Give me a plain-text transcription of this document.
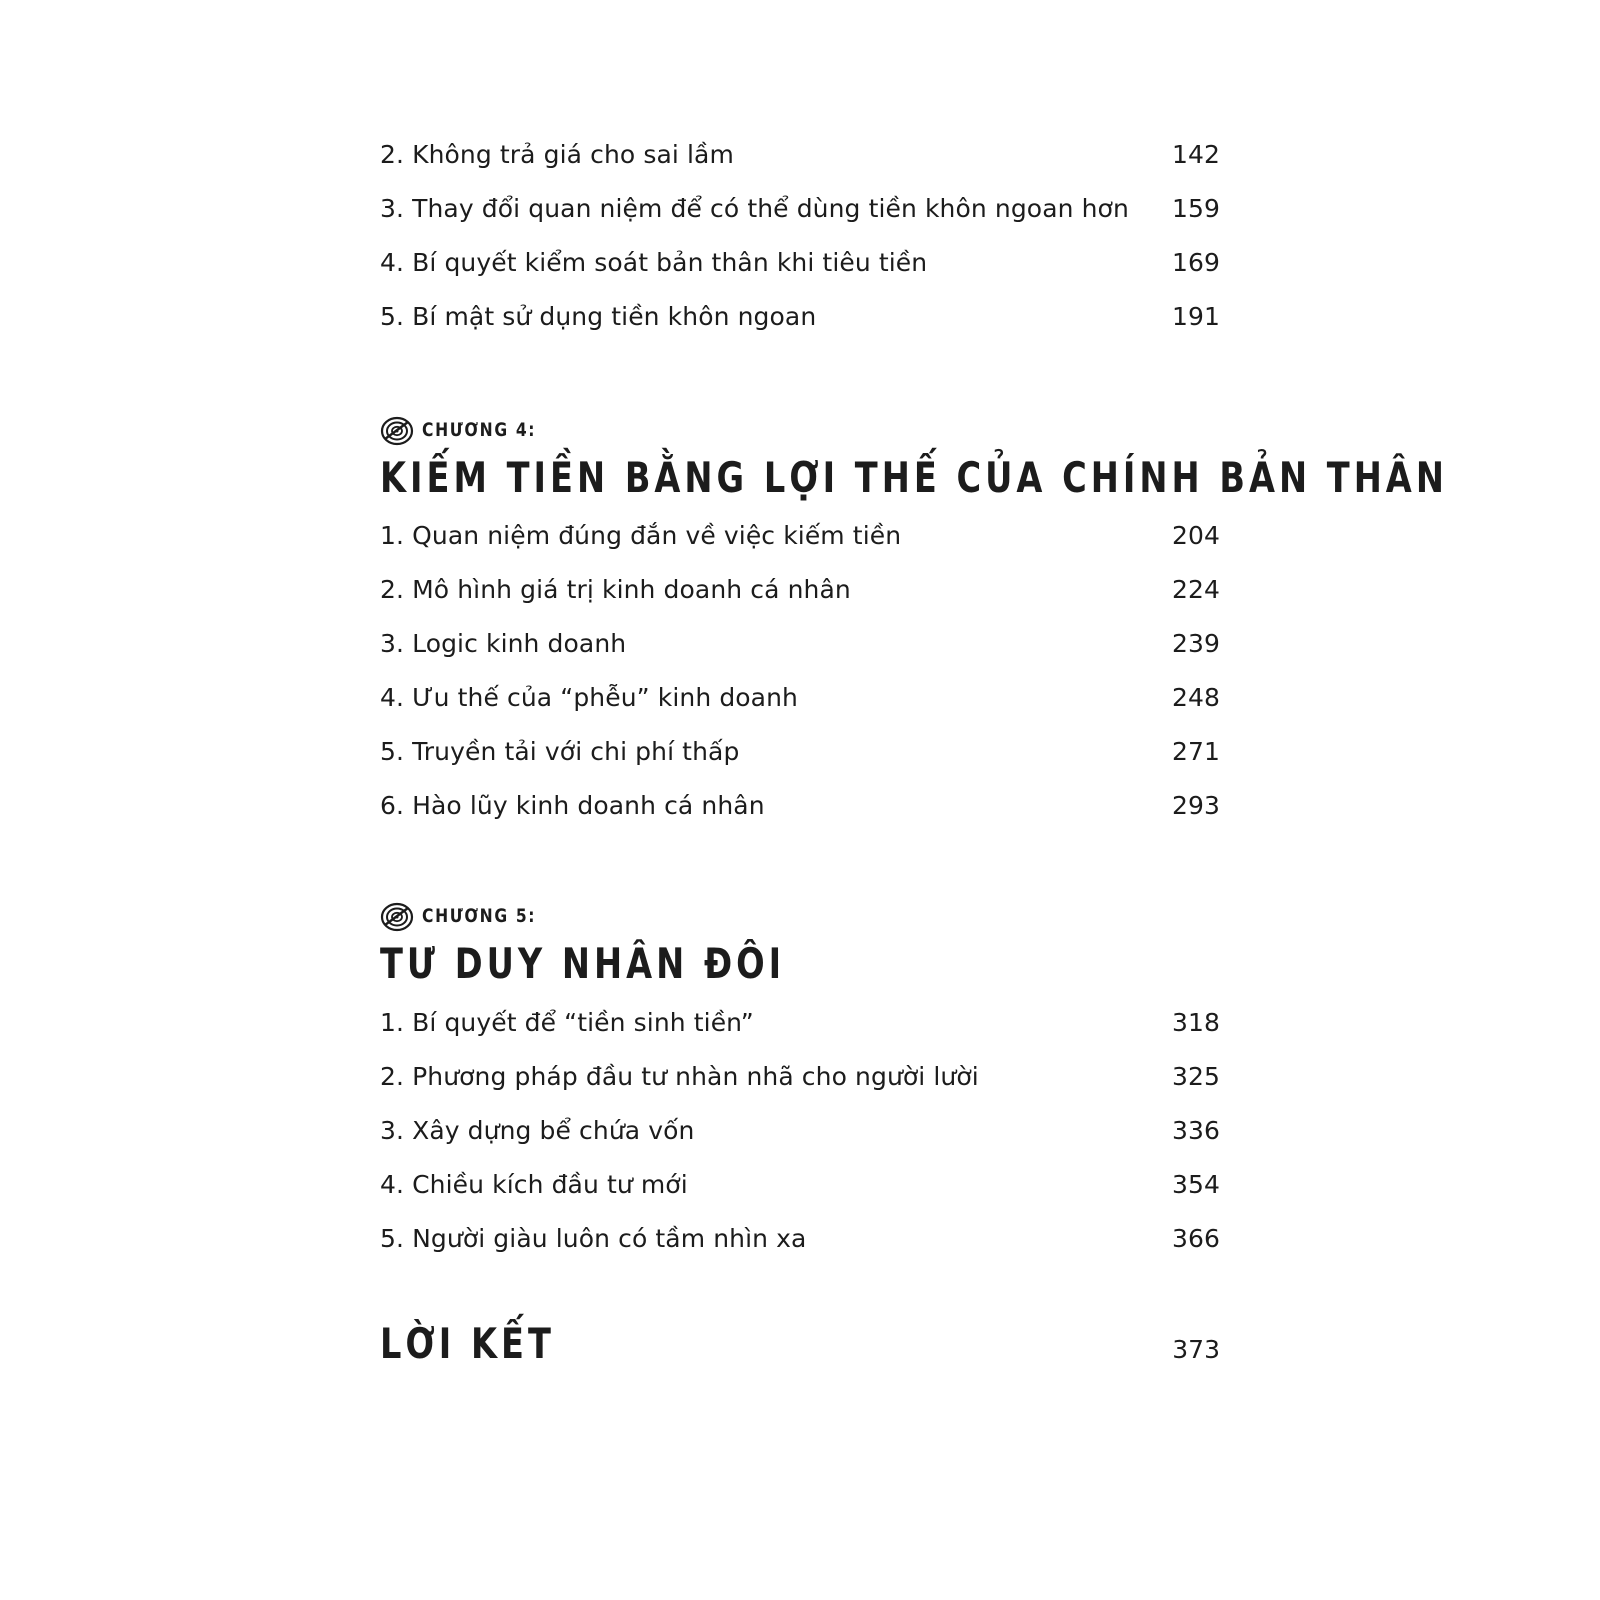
2. Không trả giá cho sai lầm	142
3. Thay đổi quan niệm để có thể dùng tiền khôn ngoan hơn 159
4. Bí quyết kiểm soát bản thân khi tiêu tiền	169
5. Bí mật sử dụng tiền khôn ngoan	191
CHƯƠNG 4:
KIẾM TIỀN BẰNG LỢI THẾ CỦA CHÍNH BẢN THÂN
1. Quan niệm đúng đắn về việc kiếm tiền	204
2. Mô hình giá trị kinh doanh cá nhân	224
3. Logic kinh doanh	239
4. Ưu thế của “phễu” kinh doanh	248
5. Truyền tải với chi phí thấp	271
6. Hào lũy kinh doanh cá nhân	293
CHƯƠNG 5:
TƯ DUY NHÂN ĐÔI
1. Bí quyết để “tiền sinh tiền”	318
2. Phương pháp đầu tư nhàn nhã cho người lười	325
3. Xây dựng bể chứa vốn	336
4. Chiều kích đầu tư mới	354
5. Người giàu luôn có tầm nhìn xa	366
LỜI KẾT	373
